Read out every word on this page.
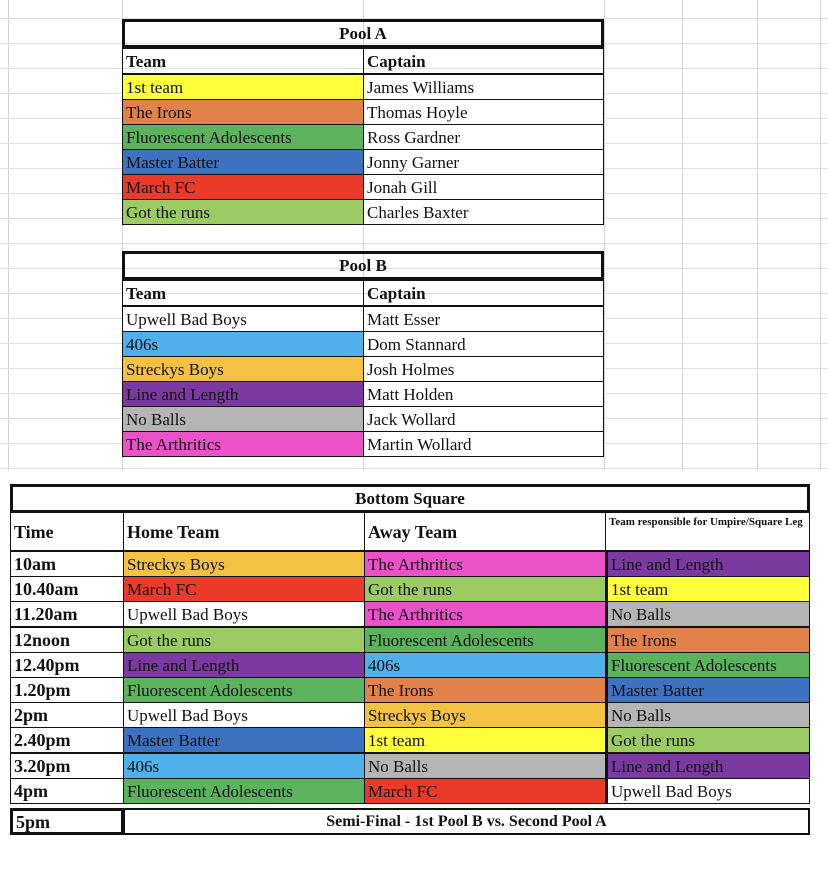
Pool A
Team	Captain
1st team	James Williams
The Irons	Thomas Hoyle
Fluorescent Adolescents	Ross Gardner
Master Batter	Jonny Garner
March FC	Jonah Gill
Got the runs	Charles Baxter
Pool B
Team	Captain
Upwell Bad Boys	Matt Esser
406s	Dom Stannard
Streckys Boys	Josh Holmes
Line and Length	Matt Holden
No Balls	Jack Wollard
The Arthritics	Martin Wollard
Bottom Square
Time	Home Team	Away Team	Team responsible for Umpire/Square Leg
10am	Streckys Boys	The Arthritics	Line and Length
10.40am	March FC	Got the runs	1st team
11.20am	Upwell Bad Boys	The Arthritics	No Balls
12noon	Got the runs	Fluorescent Adolescents	The Irons
12.40pm	Line and Length	406s	Fluorescent Adolescents
1.20pm	Fluorescent Adolescents	The Irons	Master Batter
2pm	Upwell Bad Boys	Streckys Boys	No Balls
2.40pm	Master Batter	1st team	Got the runs
3.20pm	406s	No Balls	Line and Length
4pm	Fluorescent Adolescents	March FC	Upwell Bad Boys
5pm	Semi-Final - 1st Pool B vs. Second Pool A
